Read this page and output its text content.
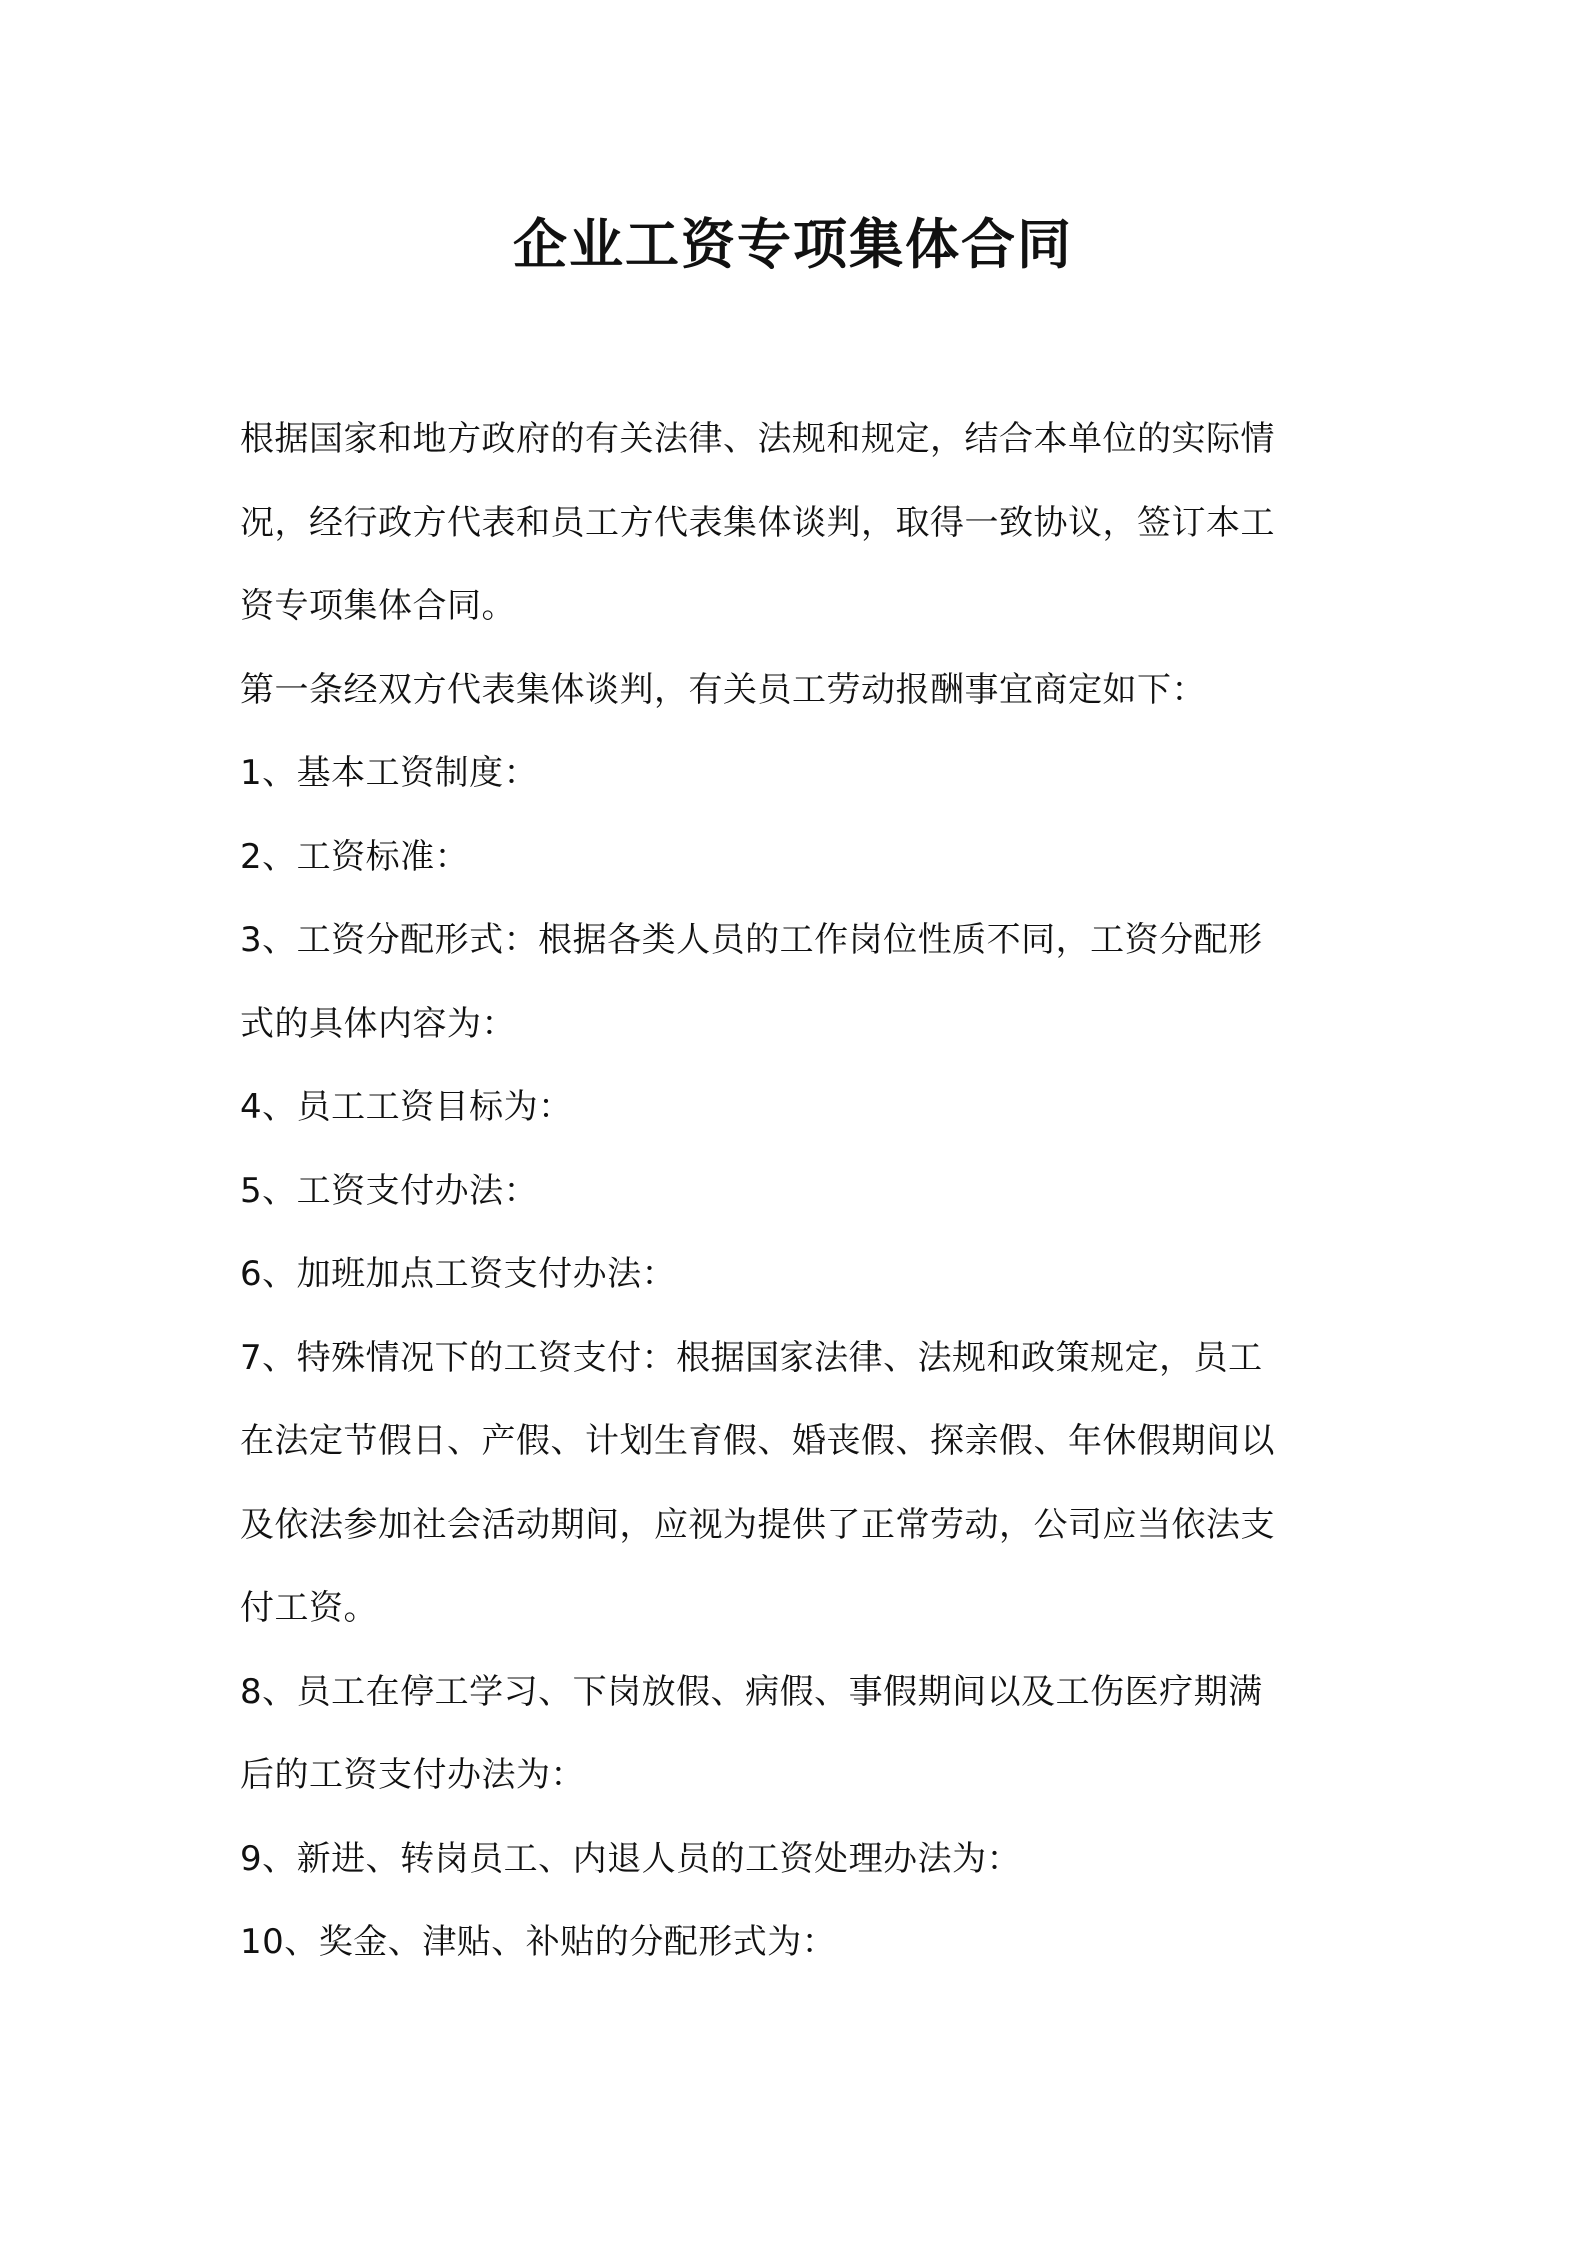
企业工资专项集体合同

根据国家和地方政府的有关法律、法规和规定，结合本单位的实际情
况，经行政方代表和员工方代表集体谈判，取得一致协议，签订本工
资专项集体合同。

第一条经双方代表集体谈判，有关员工劳动报酬事宜商定如下：

1、基本工资制度：

2、工资标准：

3、工资分配形式：根据各类人员的工作岗位性质不同，工资分配形
式的具体内容为：

4、员工工资目标为：

5、工资支付办法：

6、加班加点工资支付办法：

7、特殊情况下的工资支付：根据国家法律、法规和政策规定，员工
在法定节假日、产假、计划生育假、婚丧假、探亲假、年休假期间以
及依法参加社会活动期间，应视为提供了正常劳动，公司应当依法支
付工资。

8、员工在停工学习、下岗放假、病假、事假期间以及工伤医疗期满
后的工资支付办法为：

9、新进、转岗员工、内退人员的工资处理办法为：

10、奖金、津贴、补贴的分配形式为：
